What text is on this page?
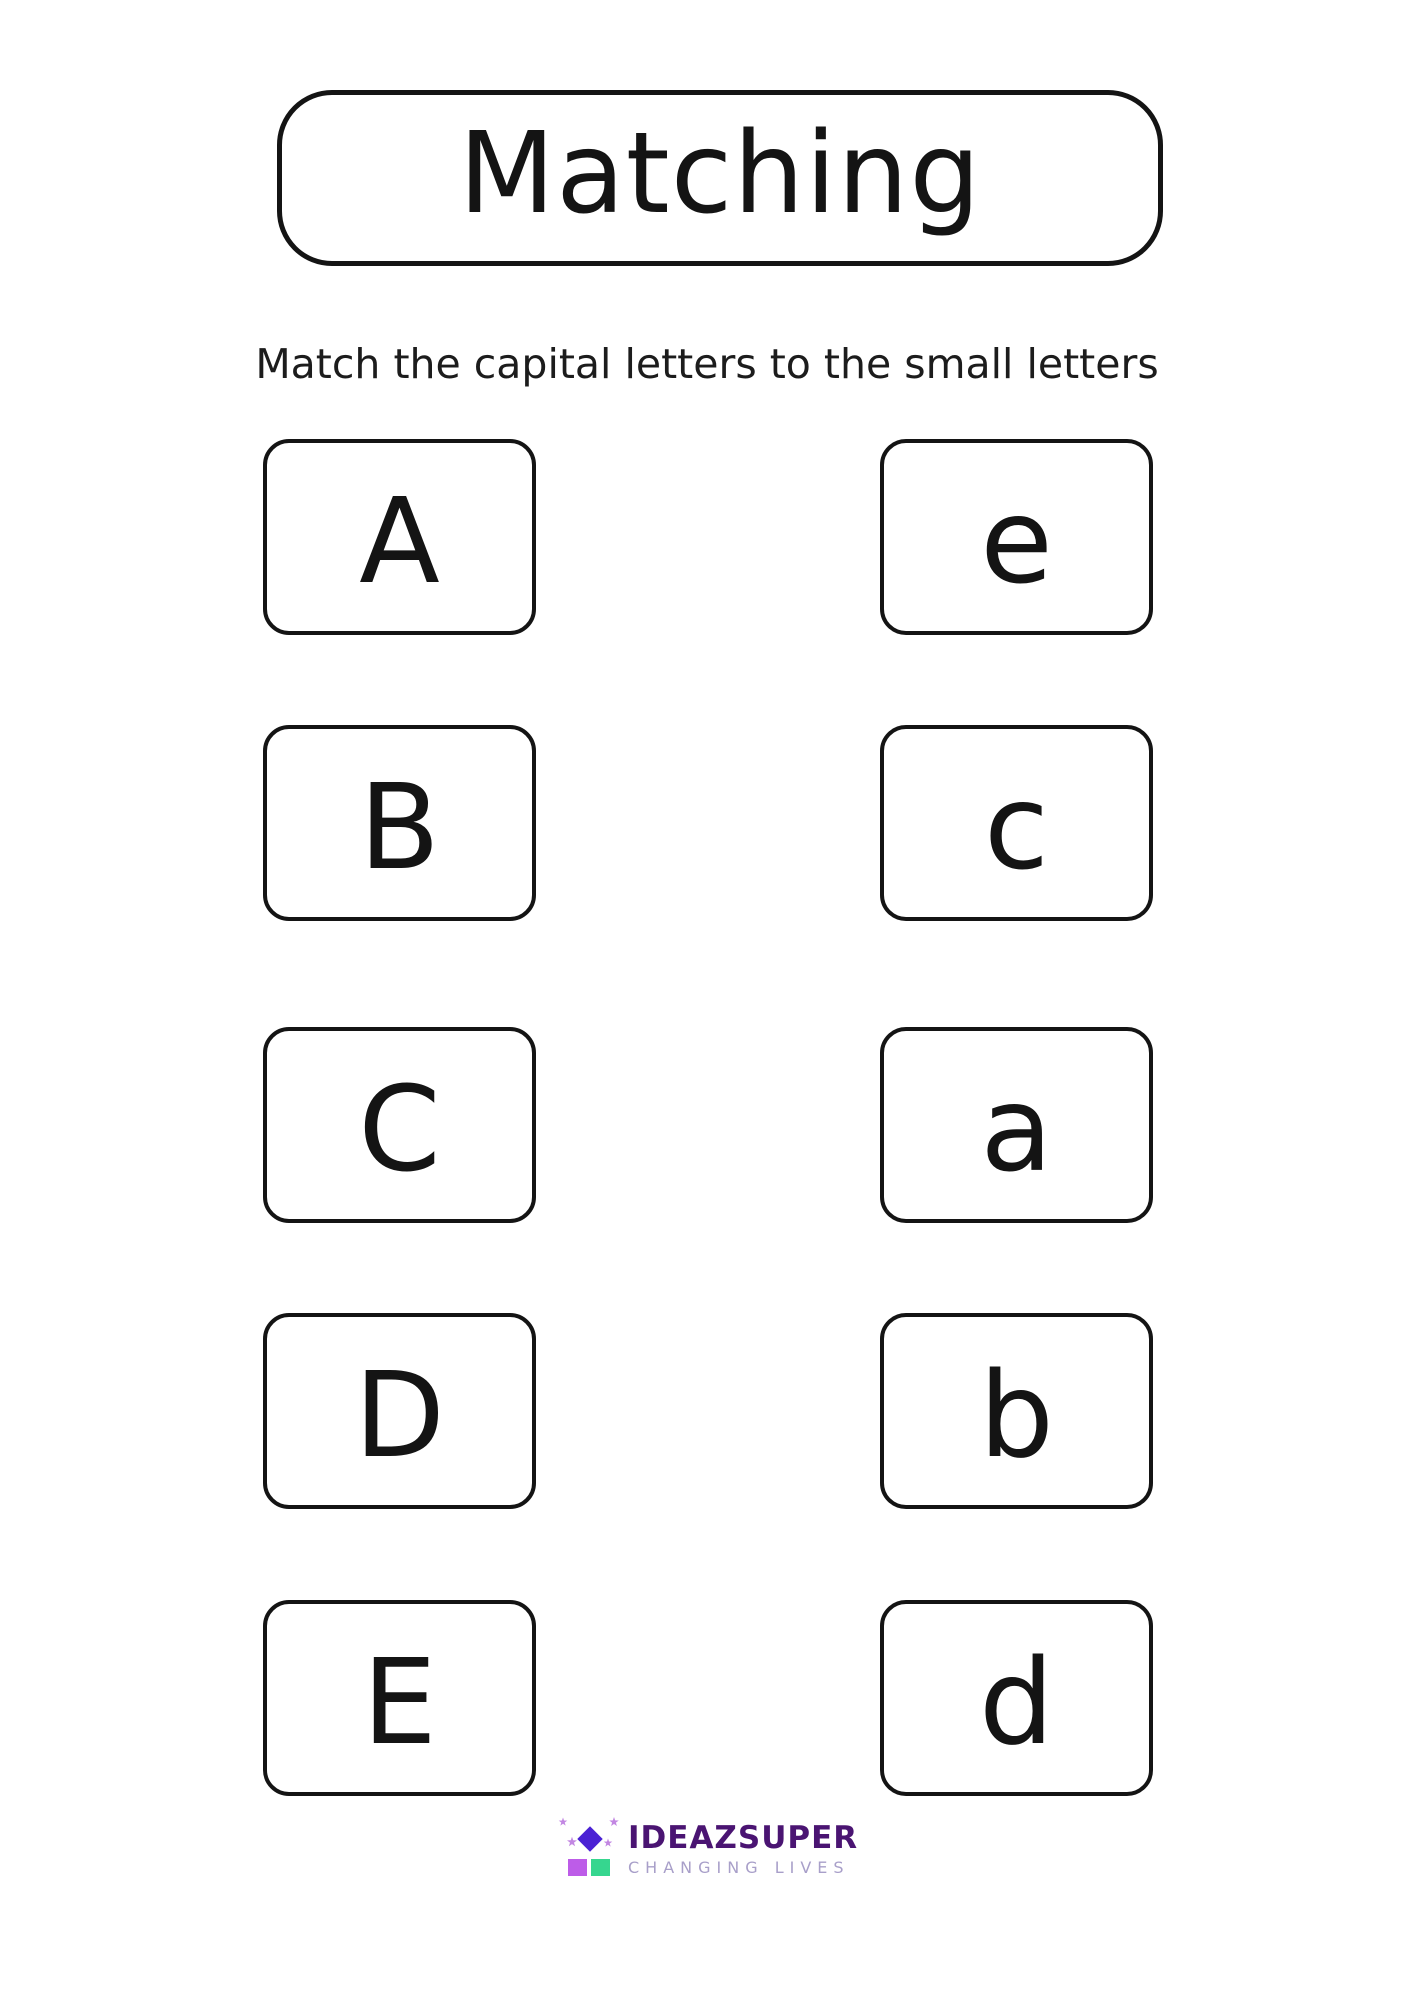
Matching
Match the capital letters to the small letters
A
B
C
D
E
e
c
a
b
d
IDEAZSUPER
CHANGING LIVES
